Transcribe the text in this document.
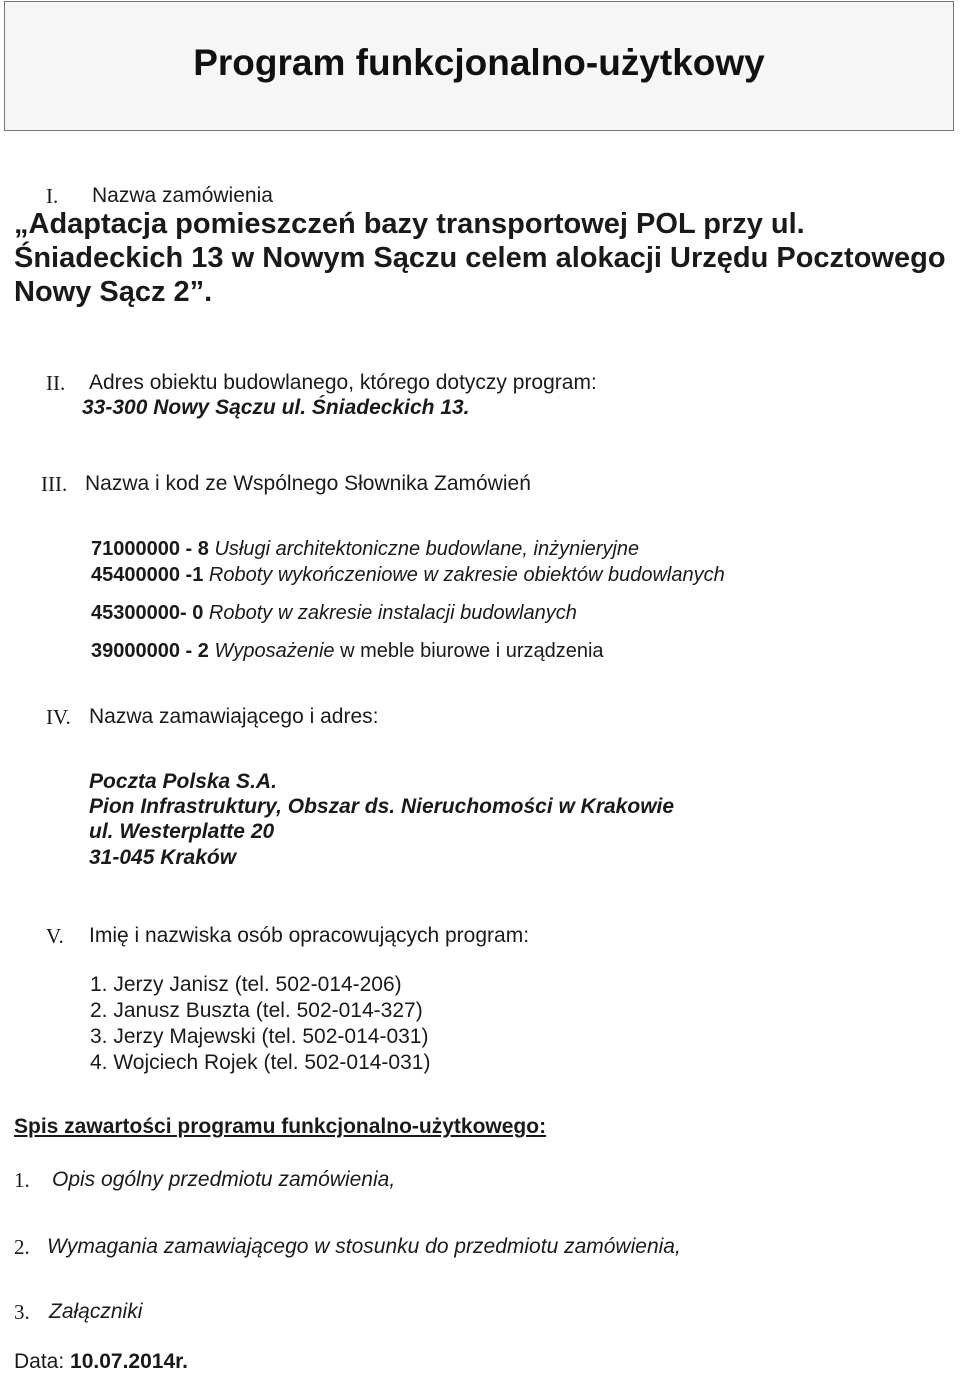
Program funkcjonalno-użytkowy
I. Nazwa zamówienia
„Adaptacja pomieszczeń bazy transportowej POL przy ul.
Śniadeckich 13 w Nowym Sączu celem alokacji Urzędu Pocztowego
Nowy Sącz 2”.
II. Adres obiektu budowlanego, którego dotyczy program:
33-300 Nowy Sączu ul. Śniadeckich 13.
III. Nazwa i kod ze Wspólnego Słownika Zamówień
71000000 - 8 Usługi architektoniczne budowlane, inżynieryjne
45400000 -1 Roboty wykończeniowe w zakresie obiektów budowlanych
45300000- 0 Roboty w zakresie instalacji budowlanych
39000000 - 2 Wyposażenie w meble biurowe i urządzenia
IV. Nazwa zamawiającego i adres:
Poczta Polska S.A.
Pion Infrastruktury, Obszar ds. Nieruchomości w Krakowie
ul. Westerplatte 20
31-045 Kraków
V. Imię i nazwiska osób opracowujących program:
1. Jerzy Janisz (tel. 502-014-206)
2. Janusz Buszta (tel. 502-014-327)
3. Jerzy Majewski (tel. 502-014-031)
4. Wojciech Rojek (tel. 502-014-031)
Spis zawartości programu funkcjonalno-użytkowego:
1. Opis ogólny przedmiotu zamówienia,
2. Wymagania zamawiającego w stosunku do przedmiotu zamówienia,
3. Załączniki
Data: 10.07.2014r.
